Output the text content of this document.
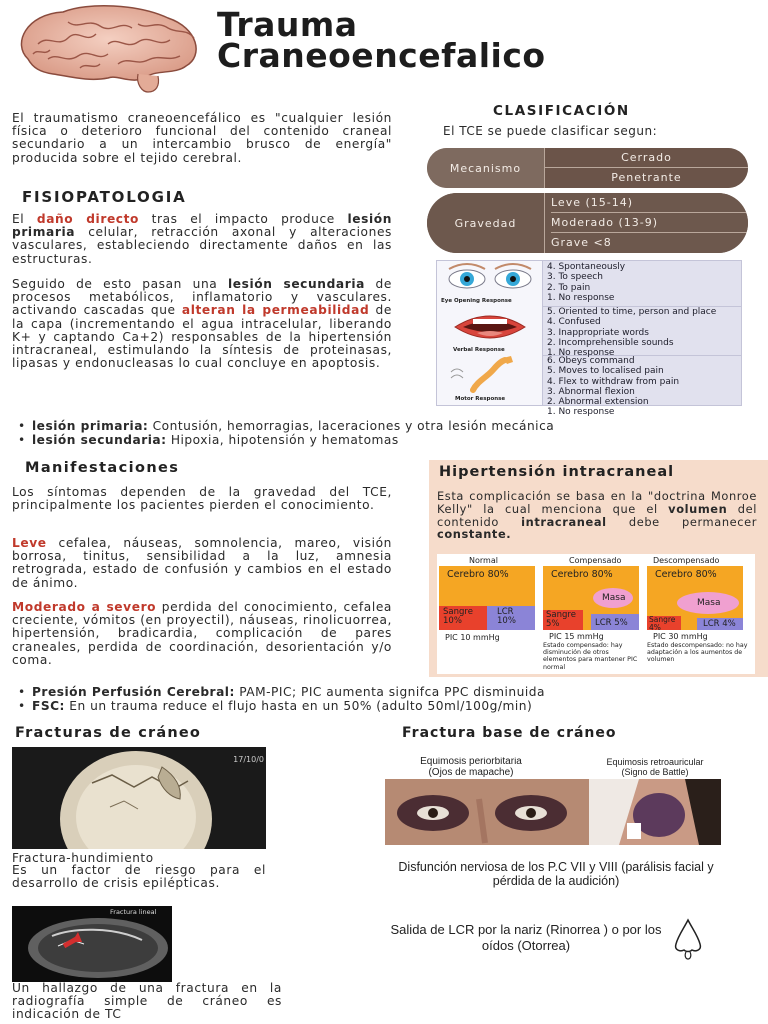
Trauma
Craneoencefalico
El traumatismo craneoencefálico es "cualquier lesión física o deterioro funcional del contenido craneal secundario a un intercambio brusco de energía" producida sobre el tejido cerebral.
FISIOPATOLOGIA
El daño directo tras el impacto produce lesión primaria celular, retracción axonal y alteraciones vasculares, estableciendo directamente daños en las estructuras.
Seguido de esto pasan una lesión secundaria de procesos metabólicos, inflamatorio y vasculares. activando cascadas que alteran la permeabilidad de la capa (incrementando el agua intracelular, liberando K+ y captando Ca+2) responsables de la hipertensión intracraneal, estimulando la síntesis de proteinasas, lipasas y endonucleasas lo cual concluye en apoptosis.
CLASIFICACIÓN
El TCE se puede clasificar segun:
Mecanismo
Cerrado
Penetrante
Gravedad
Leve (15-14)
Moderado (13-9)
Grave <8
Eye Opening Response
4. Spontaneously
3. To speech
2. To pain
1. No response
Verbal Response
5. Oriented to time, person and place
4. Confused
3. Inappropriate words
2. Incomprehensible sounds
1. No response
Motor Response
6. Obeys command
5. Moves to localised pain
4. Flex to withdraw from pain
3. Abnormal flexion
2. Abnormal extension
1. No response
• lesión primaria: Contusión, hemorragias, laceraciones y otra lesión mecánica
• lesión secundaria: Hipoxia, hipotensión y hematomas
Manifestaciones
Los síntomas dependen de la gravedad del TCE, principalmente los pacientes pierden el conocimiento.
Leve cefalea, náuseas, somnolencia, mareo, visión borrosa, tinitus, sensibilidad a la luz, amnesia retrograda, estado de confusión y cambios en el estado de ánimo.
Moderado a severo perdida del conocimiento, cefalea creciente, vómitos (en proyectil), náuseas, rinolicuorrea, hipertensión, bradicardia, complicación de pares craneales, perdida de coordinación, desorientación y/o coma.
Hipertensión intracraneal
Esta complicación se basa en la "doctrina Monroe Kelly" la cual menciona que el volumen del contenido intracraneal debe permanecer constante.
Normal
Cerebro 80%
Sangre 10%
LCR 10%
PIC 10 mmHg
Compensado
Cerebro 80%
Masa
Sangre 5%	LCR 5%
PIC 15 mmHg
Estado compensado: hay disminución de otros elementos para mantener PIC normal
Descompensado
Cerebro 80%
Masa
Sangre 4%	LCR 4%
PIC 30 mmHg
Estado descompensado: no hay adaptación a los aumentos de volumen
• Presión Perfusión Cerebral: PAM-PIC; PIC aumenta signifca PPC disminuida
• FSC: En un trauma reduce el flujo hasta en un 50% (adulto 50ml/100g/min)
Fracturas de cráneo
17/10/0
Fractura-hundimiento
Es un factor de riesgo para el desarrollo de crisis epilépticas.
Fractura lineal
Un hallazgo de una fractura en la radiografía simple de cráneo es indicación de TC
Fractura base de cráneo
Equimosis periorbitaria
(Ojos de mapache)
Equimosis retroauricular
(Signo de Battle)
Disfunción nerviosa de los P.C VII y VIII (parálisis facial y pérdida de la audición)
Salida de LCR por la nariz (Rinorrea ) o por los oídos (Otorrea)
